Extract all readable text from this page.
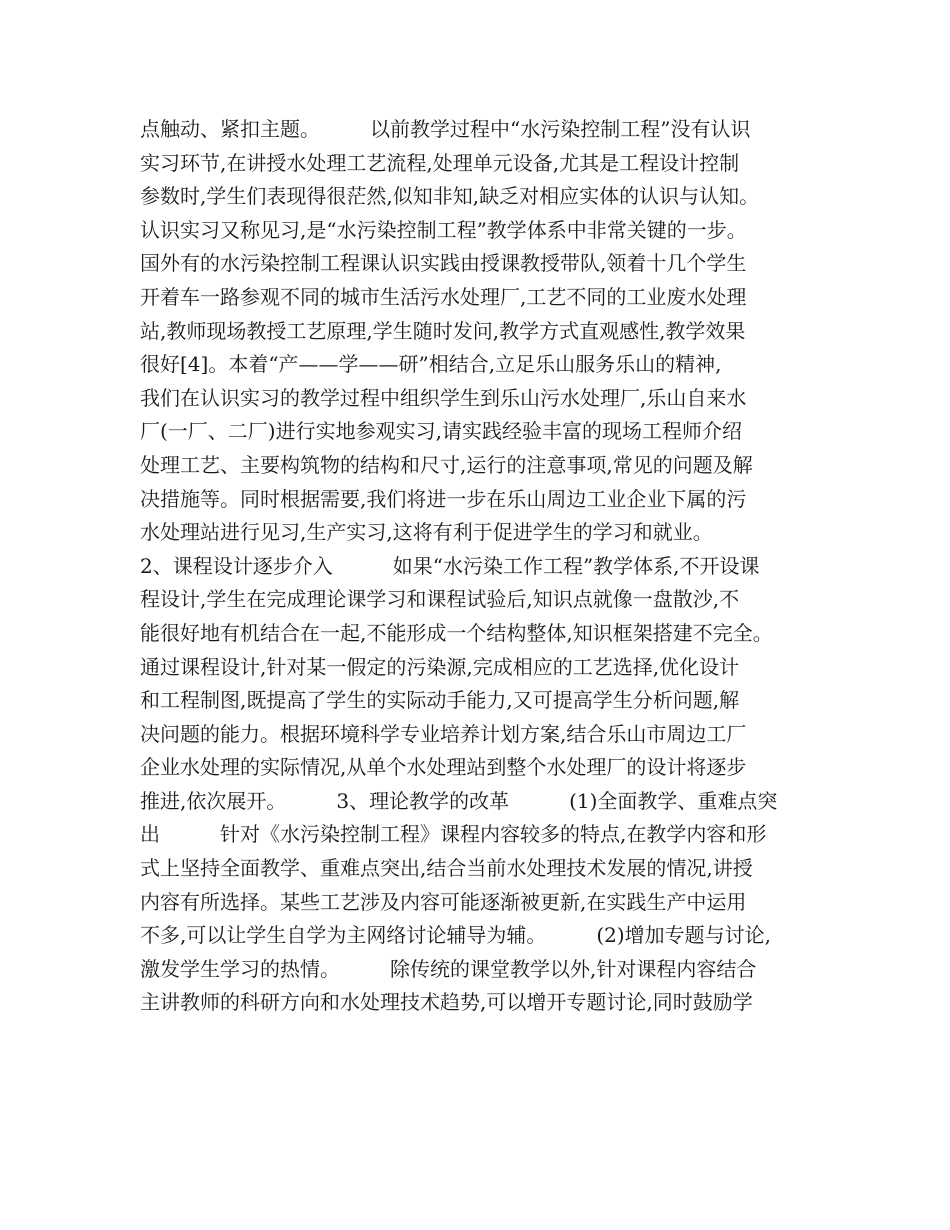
点触动、紧扣主题。　　　以前教学过程中“水污染控制工程”没有认识
实习环节,在讲授水处理工艺流程,处理单元设备,尤其是工程设计控制
参数时,学生们表现得很茫然,似知非知,缺乏对相应实体的认识与认知。
认识实习又称见习,是“水污染控制工程”教学体系中非常关键的一步。
国外有的水污染控制工程课认识实践由授课教授带队,领着十几个学生
开着车一路参观不同的城市生活污水处理厂,工艺不同的工业废水处理
站,教师现场教授工艺原理,学生随时发问,教学方式直观感性,教学效果
很好[4]。本着“产——学——研”相结合,立足乐山服务乐山的精神,
我们在认识实习的教学过程中组织学生到乐山污水处理厂,乐山自来水
厂(一厂、二厂)进行实地参观实习,请实践经验丰富的现场工程师介绍
处理工艺、主要构筑物的结构和尺寸,运行的注意事项,常见的问题及解
决措施等。同时根据需要,我们将进一步在乐山周边工业企业下属的污
水处理站进行见习,生产实习,这将有利于促进学生的学习和就业。
2、课程设计逐步介入　　　如果“水污染工作工程”教学体系,不开设课
程设计,学生在完成理论课学习和课程试验后,知识点就像一盘散沙,不
能很好地有机结合在一起,不能形成一个结构整体,知识框架搭建不完全。
通过课程设计,针对某一假定的污染源,完成相应的工艺选择,优化设计
和工程制图,既提高了学生的实际动手能力,又可提高学生分析问题,解
决问题的能力。根据环境科学专业培养计划方案,结合乐山市周边工厂
企业水处理的实际情况,从单个水处理站到整个水处理厂的设计将逐步
推进,依次展开。　　　3、理论教学的改革　　　(1)全面教学、重难点突
出　　　针对《水污染控制工程》课程内容较多的特点,在教学内容和形
式上坚持全面教学、重难点突出,结合当前水处理技术发展的情况,讲授
内容有所选择。某些工艺涉及内容可能逐渐被更新,在实践生产中运用
不多,可以让学生自学为主网络讨论辅导为辅。　　　(2)增加专题与讨论,
激发学生学习的热情。　　　除传统的课堂教学以外,针对课程内容结合
主讲教师的科研方向和水处理技术趋势,可以增开专题讨论,同时鼓励学
